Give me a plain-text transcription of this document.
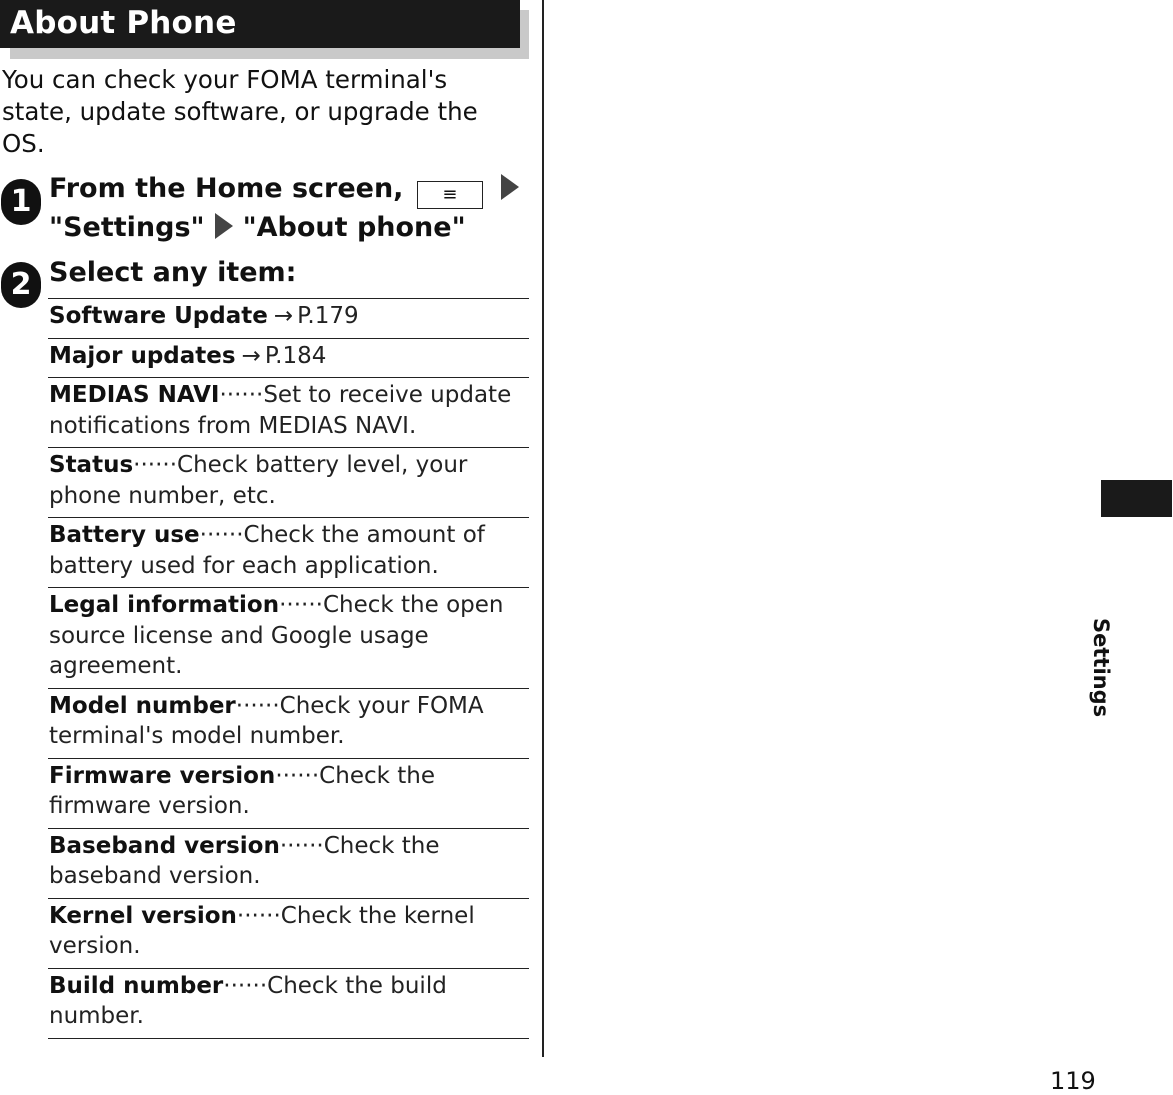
About Phone
You can check your FOMA terminal's state, update software, or upgrade the OS.
1 From the Home screen, ≡
"Settings" "About phone"
2 Select any item:
Software Update → P.179
Major updates → P.184
MEDIAS NAVI······Set to receive update notifications from MEDIAS NAVI.
Status······Check battery level, your phone number, etc.
Battery use······Check the amount of battery used for each application.
Legal information······Check the open source license and Google usage agreement.
Model number······Check your FOMA terminal's model number.
Firmware version······Check the firmware version.
Baseband version······Check the baseband version.
Kernel version······Check the kernel version.
Build number······Check the build number.
Settings
119
